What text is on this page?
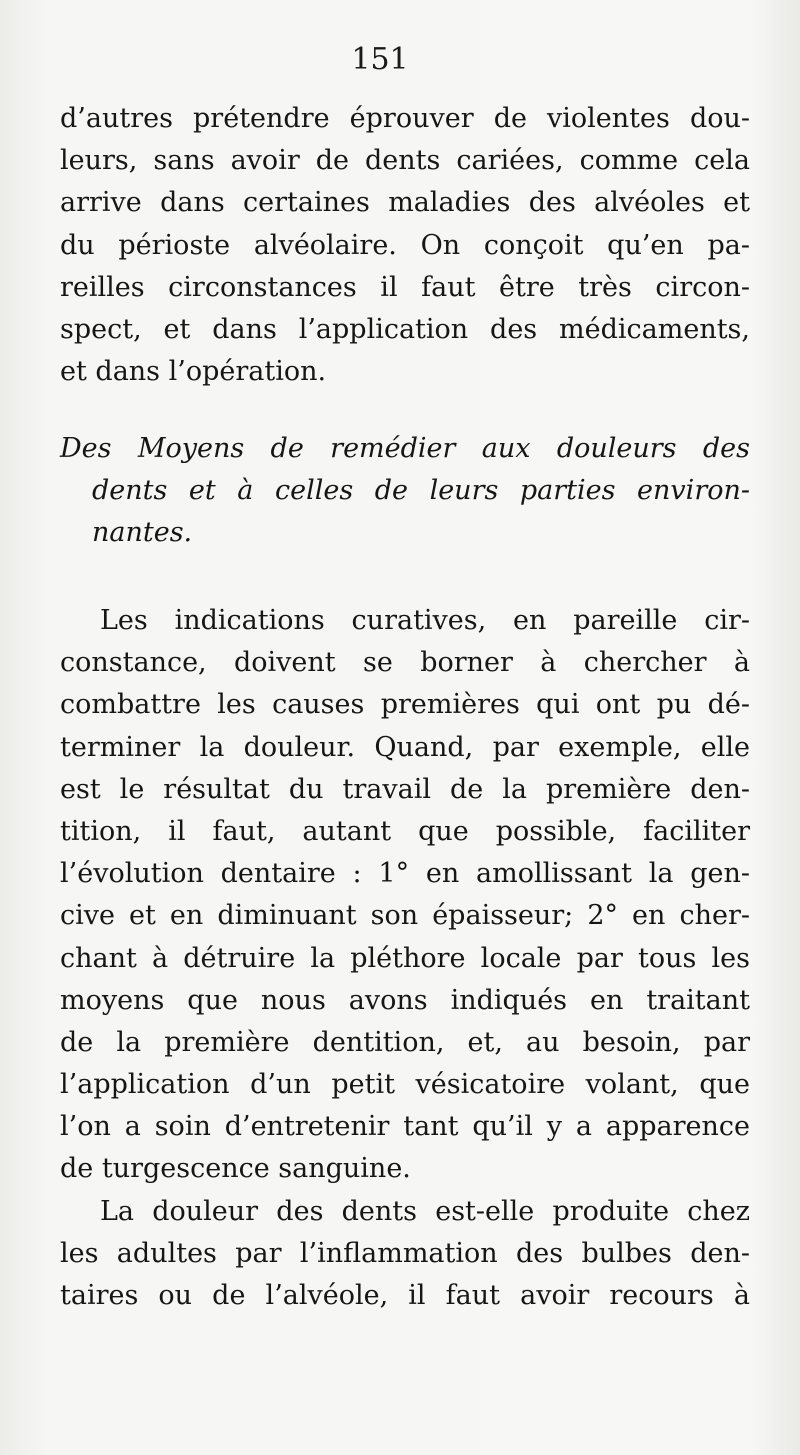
151
d’autres prétendre éprouver de violentes dou-
leurs, sans avoir de dents cariées, comme cela
arrive dans certaines maladies des alvéoles et
du périoste alvéolaire. On conçoit qu’en pa-
reilles circonstances il faut être très circon-
spect, et dans l’application des médicaments,
et dans l’opération.
Des Moyens de remédier aux douleurs des
dents et à celles de leurs parties environ-
nantes.
Les indications curatives, en pareille cir-
constance, doivent se borner à chercher à
combattre les causes premières qui ont pu dé-
terminer la douleur. Quand, par exemple, elle
est le résultat du travail de la première den-
tition, il faut, autant que possible, faciliter
l’évolution dentaire : 1° en amollissant la gen-
cive et en diminuant son épaisseur; 2° en cher-
chant à détruire la pléthore locale par tous les
moyens que nous avons indiqués en traitant
de la première dentition, et, au besoin, par
l’application d’un petit vésicatoire volant, que
l’on a soin d’entretenir tant qu’il y a apparence
de turgescence sanguine.
La douleur des dents est-elle produite chez
les adultes par l’inflammation des bulbes den-
taires ou de l’alvéole, il faut avoir recours à
